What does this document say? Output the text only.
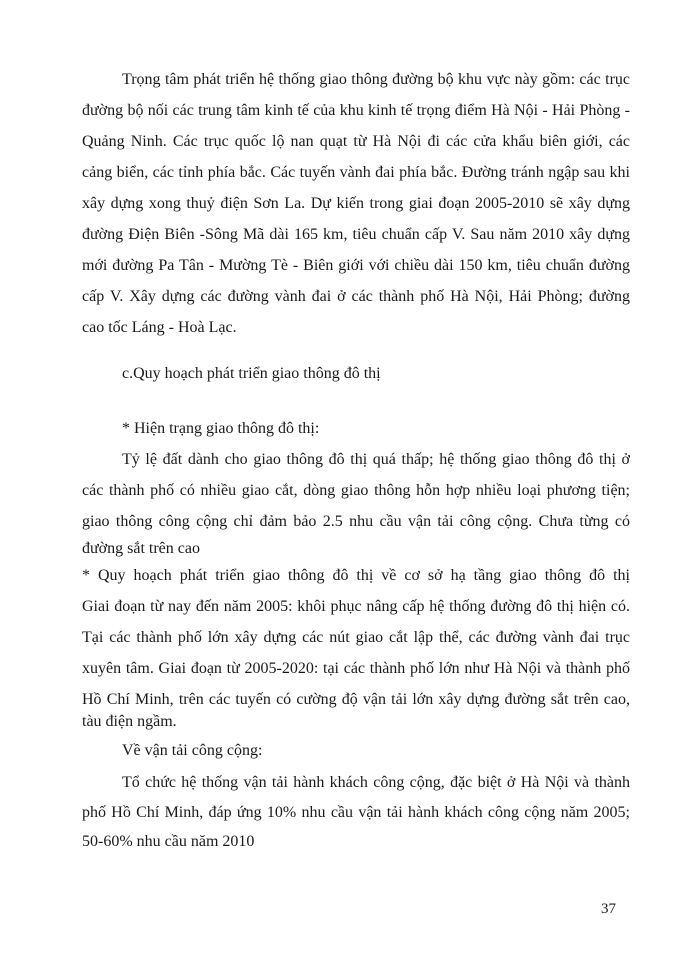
Trọng tâm phát triển hệ thống giao thông đường bộ khu vực này gồm: các trục
đường bộ nối các trung tâm kinh tế của khu kinh tế trọng điểm Hà Nội - Hải Phòng -
Quảng Ninh. Các trục quốc lộ nan quạt từ Hà Nội đi các cửa khẩu biên giới, các
cảng biển, các tỉnh phía bắc. Các tuyến vành đai phía bắc. Đường tránh ngập sau khi
xây dựng xong thuỷ điện Sơn La. Dự kiến trong giai đoạn 2005-2010 sẽ xây dựng
đường Điện Biên -Sông Mã dài 165 km, tiêu chuẩn cấp V. Sau năm 2010 xây dựng
mới đường Pa Tân - Mường Tè - Biên giới với chiều dài 150 km, tiêu chuẩn đường
cấp V. Xây dựng các đường vành đai ở các thành phố Hà Nội, Hải Phòng; đường
cao tốc Láng - Hoà Lạc.
c.Quy hoạch phát triển giao thông đô thị
* Hiện trạng giao thông đô thị:
Tỷ lệ đất dành cho giao thông đô thị quá thấp; hệ thống giao thông đô thị ở
các thành phố có nhiều giao cắt, dòng giao thông hỗn hợp nhiều loại phương tiện;
giao thông công cộng chỉ đảm bảo 2.5 nhu cầu vận tải công cộng. Chưa từng có
đường sắt trên cao
* Quy hoạch phát triển giao thông đô thị về cơ sở hạ tầng giao thông đô thị
Giai đoạn từ nay đến năm 2005: khôi phục nâng cấp hệ thống đường đô thị hiện có.
Tại các thành phố lớn xây dựng các nút giao cắt lập thể, các đường vành đai trục
xuyên tâm. Giai đoạn từ 2005-2020: tại các thành phố lớn như Hà Nội và thành phố
Hồ Chí Minh, trên các tuyến có cường độ vận tải lớn xây dựng đường sắt trên cao,
tàu điện ngầm.
Về vận tải công cộng:
Tổ chức hệ thống vận tải hành khách công cộng, đặc biệt ở Hà Nội và thành
phố Hồ Chí Minh, đáp ứng 10% nhu cầu vận tải hành khách công cộng năm 2005;
50-60% nhu cầu năm 2010
37
